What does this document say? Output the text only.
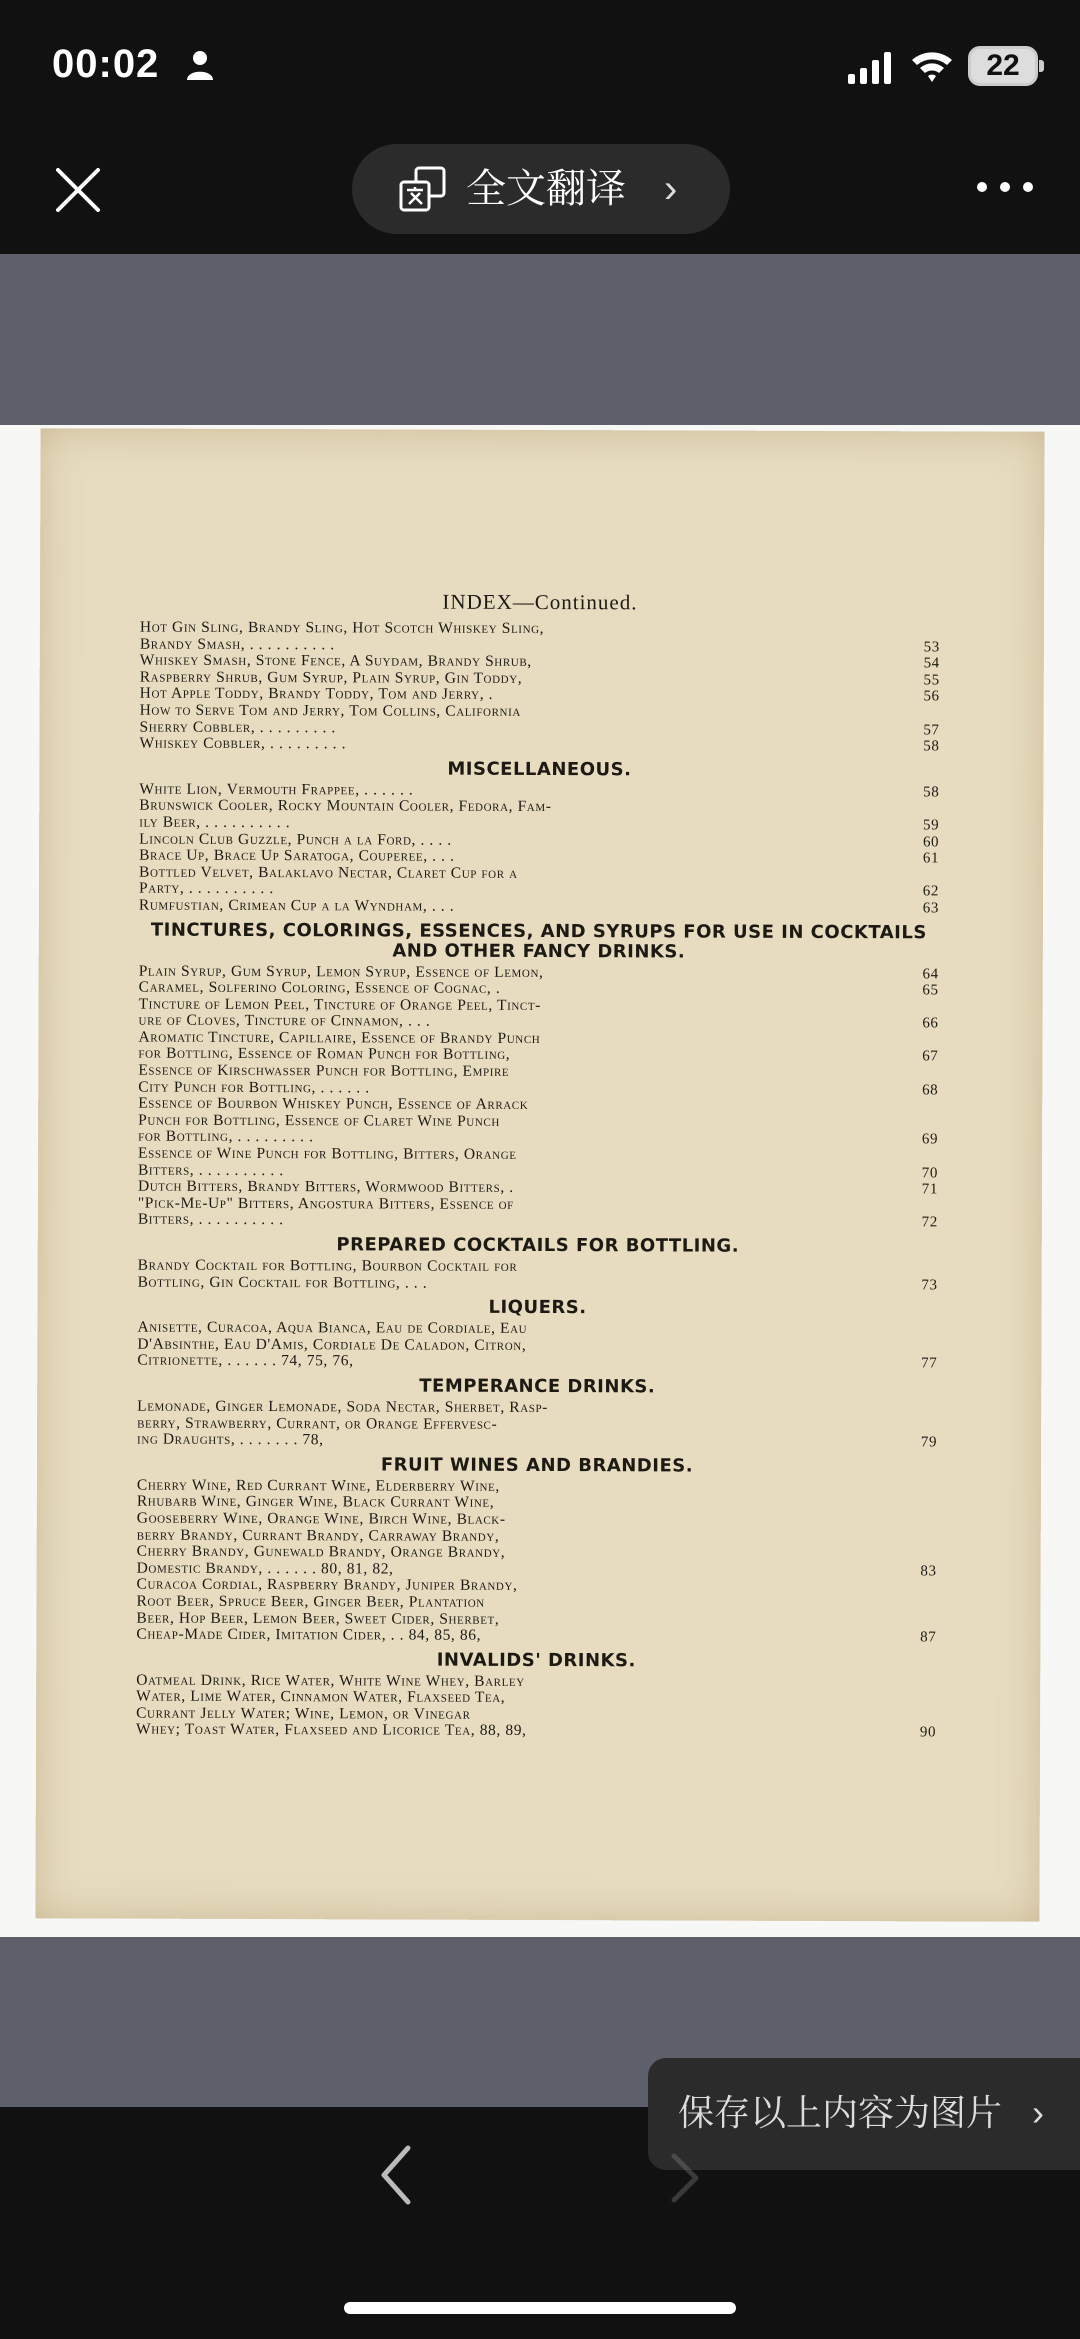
00:02	22
全文翻译 ›
INDEX—Continued.
Hot Gin Sling, Brandy Sling, Hot Scotch Whiskey Sling,
Brandy Smash, . . . . . . . . . .	53
Whiskey Smash, Stone Fence, A Suydam, Brandy Shrub,	54
Raspberry Shrub, Gum Syrup, Plain Syrup, Gin Toddy,	55
Hot Apple Toddy, Brandy Toddy, Tom and Jerry, .	56
How to Serve Tom and Jerry, Tom Collins, California
Sherry Cobbler, . . . . . . . . .	57
Whiskey Cobbler, . . . . . . . . .	58
MISCELLANEOUS.
White Lion, Vermouth Frappee, . . . . . .	58
Brunswick Cooler, Rocky Mountain Cooler, Fedora, Fam-
ily Beer, . . . . . . . . . .	59
Lincoln Club Guzzle, Punch a la Ford, . . . .	60
Brace Up, Brace Up Saratoga, Couperee, . . .	61
Bottled Velvet, Balaklavo Nectar, Claret Cup for a
Party, . . . . . . . . . .	62
Rumfustian, Crimean Cup a la Wyndham, . . .	63
TINCTURES, COLORINGS, ESSENCES, AND SYRUPS FOR USE IN COCKTAILS AND OTHER FANCY DRINKS.
Plain Syrup, Gum Syrup, Lemon Syrup, Essence of Lemon,	64
Caramel, Solferino Coloring, Essence of Cognac, .	65
Tincture of Lemon Peel, Tincture of Orange Peel, Tinct-
ure of Cloves, Tincture of Cinnamon, . . .	66
Aromatic Tincture, Capillaire, Essence of Brandy Punch
for Bottling, Essence of Roman Punch for Bottling,	67
Essence of Kirschwasser Punch for Bottling, Empire
City Punch for Bottling, . . . . . .	68
Essence of Bourbon Whiskey Punch, Essence of Arrack
Punch for Bottling, Essence of Claret Wine Punch
for Bottling, . . . . . . . . .	69
Essence of Wine Punch for Bottling, Bitters, Orange
Bitters, . . . . . . . . . .	70
Dutch Bitters, Brandy Bitters, Wormwood Bitters, .	71
"Pick-Me-Up" Bitters, Angostura Bitters, Essence of
Bitters, . . . . . . . . . .	72
PREPARED COCKTAILS FOR BOTTLING.
Brandy Cocktail for Bottling, Bourbon Cocktail for
Bottling, Gin Cocktail for Bottling, . . .	73
LIQUERS.
Anisette, Curacoa, Aqua Bianca, Eau de Cordiale, Eau
D'Absinthe, Eau D'Amis, Cordiale De Caladon, Citron,
Citrionette, . . . . . . 74, 75, 76,	77
TEMPERANCE DRINKS.
Lemonade, Ginger Lemonade, Soda Nectar, Sherbet, Rasp-
berry, Strawberry, Currant, or Orange Effervesc-
ing Draughts, . . . . . . . 78,	79
FRUIT WINES AND BRANDIES.
Cherry Wine, Red Currant Wine, Elderberry Wine,
Rhubarb Wine, Ginger Wine, Black Currant Wine,
Gooseberry Wine, Orange Wine, Birch Wine, Black-
berry Brandy, Currant Brandy, Carraway Brandy,
Cherry Brandy, Gunewald Brandy, Orange Brandy,
Domestic Brandy, . . . . . . 80, 81, 82,	83
Curacoa Cordial, Raspberry Brandy, Juniper Brandy,
Root Beer, Spruce Beer, Ginger Beer, Plantation
Beer, Hop Beer, Lemon Beer, Sweet Cider, Sherbet,
Cheap-Made Cider, Imitation Cider, . . 84, 85, 86,	87
INVALIDS' DRINKS.
Oatmeal Drink, Rice Water, White Wine Whey, Barley
Water, Lime Water, Cinnamon Water, Flaxseed Tea,
Currant Jelly Water; Wine, Lemon, or Vinegar
Whey; Toast Water, Flaxseed and Licorice Tea, 88, 89,	90
保存以上内容为图片 ›
